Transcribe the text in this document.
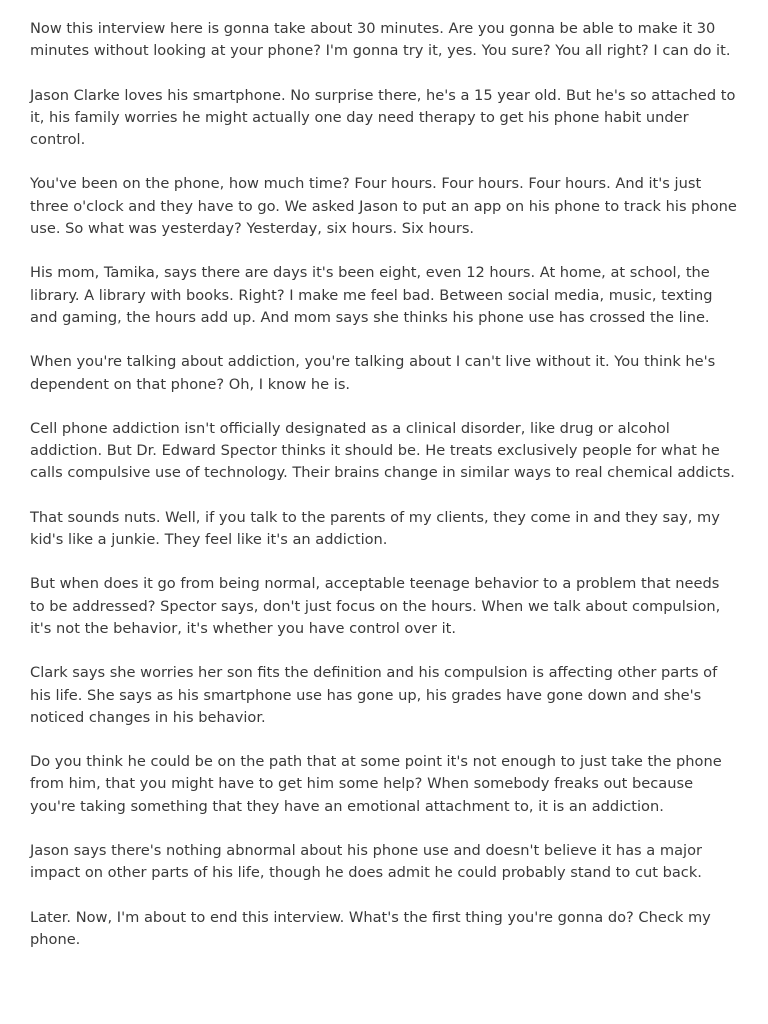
Now this interview here is gonna take about 30 minutes. Are you gonna be able to make it 30 minutes without looking at your phone? I'm gonna try it, yes. You sure? You all right? I can do it.

Jason Clarke loves his smartphone. No surprise there, he's a 15 year old. But he's so attached to it, his family worries he might actually one day need therapy to get his phone habit under control.

You've been on the phone, how much time? Four hours. Four hours. Four hours. And it's just three o'clock and they have to go. We asked Jason to put an app on his phone to track his phone use. So what was yesterday? Yesterday, six hours. Six hours.

His mom, Tamika, says there are days it's been eight, even 12 hours. At home, at school, the library. A library with books. Right? I make me feel bad. Between social media, music, texting and gaming, the hours add up. And mom says she thinks his phone use has crossed the line.

When you're talking about addiction, you're talking about I can't live without it. You think he's dependent on that phone? Oh, I know he is.

Cell phone addiction isn't officially designated as a clinical disorder, like drug or alcohol addiction. But Dr. Edward Spector thinks it should be. He treats exclusively people for what he calls compulsive use of technology. Their brains change in similar ways to real chemical addicts.

That sounds nuts. Well, if you talk to the parents of my clients, they come in and they say, my kid's like a junkie. They feel like it's an addiction.

But when does it go from being normal, acceptable teenage behavior to a problem that needs to be addressed? Spector says, don't just focus on the hours. When we talk about compulsion, it's not the behavior, it's whether you have control over it.

Clark says she worries her son fits the definition and his compulsion is affecting other parts of his life. She says as his smartphone use has gone up, his grades have gone down and she's noticed changes in his behavior.

Do you think he could be on the path that at some point it's not enough to just take the phone from him, that you might have to get him some help? When somebody freaks out because you're taking something that they have an emotional attachment to, it is an addiction.

Jason says there's nothing abnormal about his phone use and doesn't believe it has a major impact on other parts of his life, though he does admit he could probably stand to cut back.

Later. Now, I'm about to end this interview. What's the first thing you're gonna do? Check my phone.
